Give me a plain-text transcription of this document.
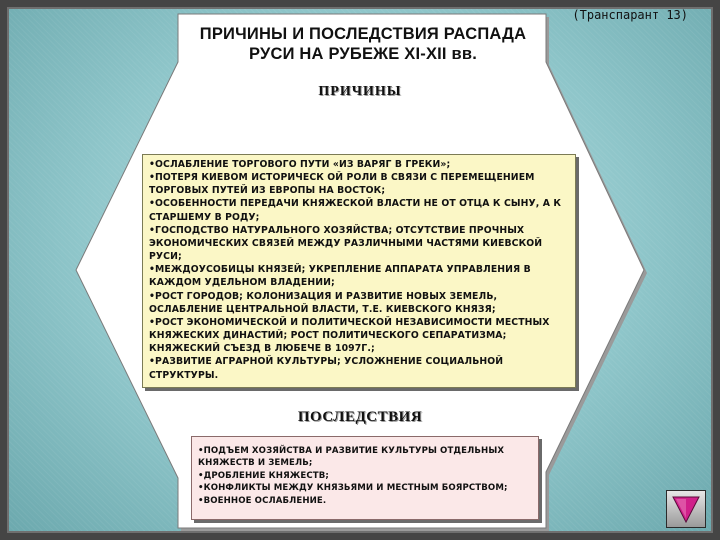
(Транспарант 13)
ПРИЧИНЫ И ПОСЛЕДСТВИЯ РАСПАДА
РУСИ НА РУБЕЖЕ XI-XII вв.
ПРИЧИНЫ
• ОСЛАБЛЕНИЕ ТОРГОВОГО ПУТИ «ИЗ ВАРЯГ В ГРЕКИ»;
• ПОТЕРЯ КИЕВОМ ИСТОРИЧЕСК ОЙ РОЛИ В СВЯЗИ С ПЕРЕМЕЩЕНИЕМ ТОРГОВЫХ ПУТЕЙ ИЗ ЕВРОПЫ НА ВОСТОК;
• ОСОБЕННОСТИ ПЕРЕДАЧИ КНЯЖЕСКОЙ ВЛАСТИ НЕ ОТ ОТЦА К СЫНУ, А К СТАРШЕМУ В РОДУ;
• ГОСПОДСТВО НАТУРАЛЬНОГО ХОЗЯЙСТВА; ОТСУТСТВИЕ ПРОЧНЫХ ЭКОНОМИЧЕСКИХ СВЯЗЕЙ МЕЖДУ РАЗЛИЧНЫМИ ЧАСТЯМИ КИЕВСКОЙ РУСИ;
• МЕЖДОУСОБИЦЫ КНЯЗЕЙ; УКРЕПЛЕНИЕ АППАРАТА УПРАВЛЕНИЯ В КАЖДОМ УДЕЛЬНОМ ВЛАДЕНИИ;
• РОСТ ГОРОДОВ; КОЛОНИЗАЦИЯ И РАЗВИТИЕ НОВЫХ ЗЕМЕЛЬ, ОСЛАБЛЕНИЕ ЦЕНТРАЛЬНОЙ ВЛАСТИ, Т.Е. КИЕВСКОГО КНЯЗЯ;
• РОСТ ЭКОНОМИЧЕСКОЙ И ПОЛИТИЧЕСКОЙ НЕЗАВИСИМОСТИ МЕСТНЫХ КНЯЖЕСКИХ ДИНАСТИЙ; РОСТ ПОЛИТИЧЕСКОГО СЕПАРАТИЗМА; КНЯЖЕСКИЙ СЪЕЗД В ЛЮБЕЧЕ В 1097Г.;
• РАЗВИТИЕ АГРАРНОЙ КУЛЬТУРЫ; УСЛОЖНЕНИЕ СОЦИАЛЬНОЙ СТРУКТУРЫ.
ПОСЛЕДСТВИЯ
• ПОДЪЕМ ХОЗЯЙСТВА И РАЗВИТИЕ КУЛЬТУРЫ ОТДЕЛЬНЫХ КНЯЖЕСТВ И ЗЕМЕЛЬ;
• ДРОБЛЕНИЕ КНЯЖЕСТВ;
• КОНФЛИКТЫ МЕЖДУ КНЯЗЬЯМИ И МЕСТНЫМ БОЯРСТВОМ;
• ВОЕННОЕ ОСЛАБЛЕНИЕ.
